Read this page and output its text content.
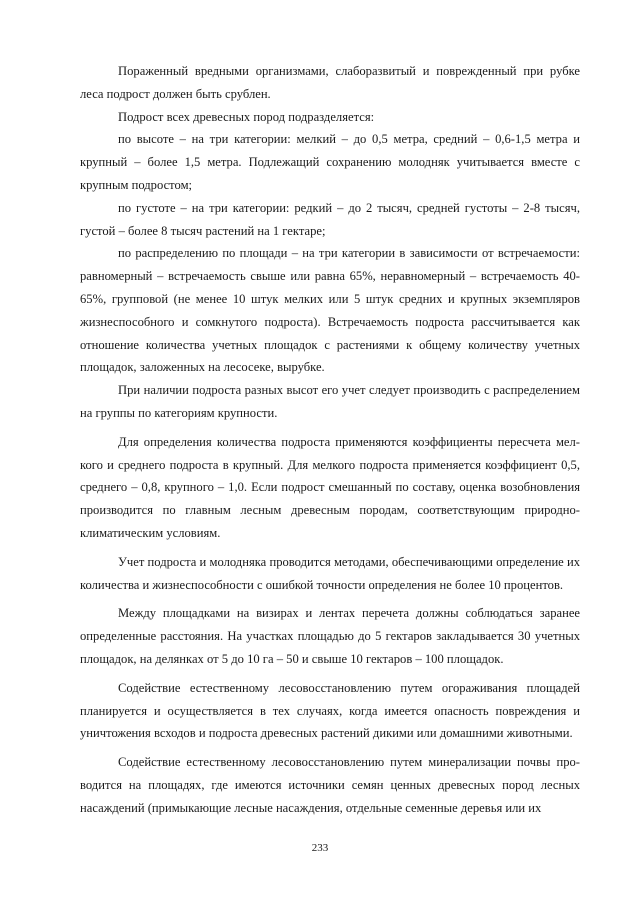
Пораженный вредными организмами, слаборазвитый и поврежденный при рубке леса подрост должен быть срублен.

Подрост всех древесных пород подразделяется:

по высоте – на три категории: мелкий – до 0,5 метра, средний – 0,6-1,5 метра и крупный – более 1,5 метра. Подлежащий сохранению молодняк учитывается вместе с крупным подростом;

по густоте – на три категории: редкий – до 2 тысяч, средней густоты – 2-8 тысяч, густой – более 8 тысяч растений на 1 гектаре;

по распределению по площади – на три категории в зависимости от встречаемости: равномерный – встречаемость свыше или равна 65%, неравномерный – встречаемость 40-65%, групповой (не менее 10 штук мелких или 5 штук средних и крупных экземпляров жизнеспособного и сомкнутого подроста). Встречаемость подроста рассчитывается как отношение количества учетных площадок с растениями к общему количеству учетных площадок, заложенных на лесосеке, вырубке.

При наличии подроста разных высот его учет следует производить с распределением на группы по категориям крупности.

Для определения количества подроста применяются коэффициенты пересчета мелкого и среднего подроста в крупный. Для мелкого подроста применяется коэффициент 0,5, среднего – 0,8, крупного – 1,0. Если подрост смешанный по составу, оценка возобновления производится по главным лесным древесным породам, соответствующим природно-климатическим условиям.

Учет подроста и молодняка проводится методами, обеспечивающими определение их количества и жизнеспособности с ошибкой точности определения не более 10 процентов.

Между площадками на визирах и лентах перечета должны соблюдаться заранее определенные расстояния. На участках площадью до 5 гектаров закладывается 30 учетных площадок, на делянках от 5 до 10 га – 50 и свыше 10 гектаров – 100 площадок.

Содействие естественному лесовосстановлению путем огораживания площадей планируется и осуществляется в тех случаях, когда имеется опасность повреждения и уничтожения всходов и подроста древесных растений дикими или домашними животными.

Содействие естественному лесовосстановлению путем минерализации почвы проводится на площадях, где имеются источники семян ценных древесных пород лесных насаждений (примыкающие лесные насаждения, отдельные семенные деревья или их

233
